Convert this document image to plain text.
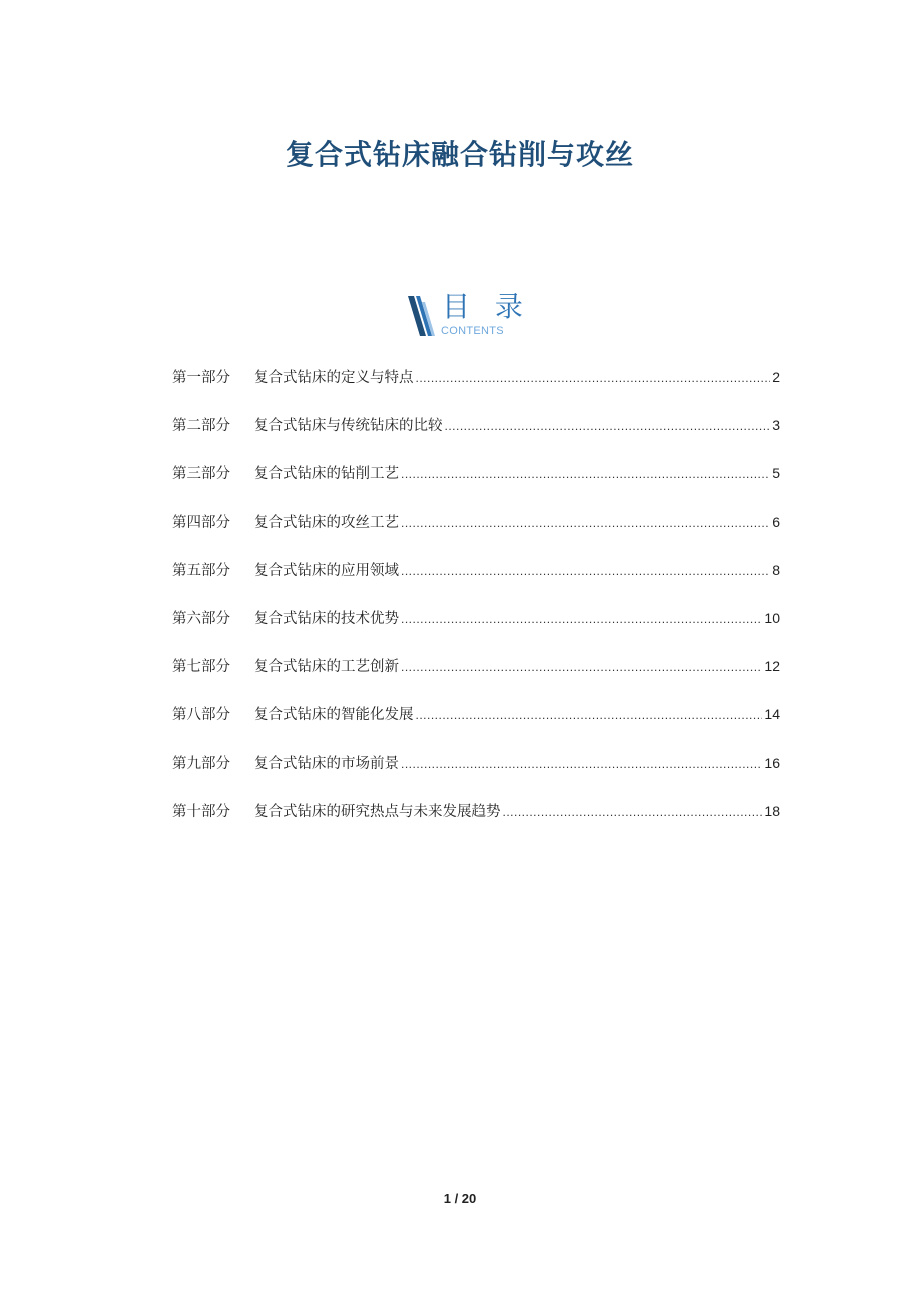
复合式钻床融合钻削与攻丝
目 录
CONTENTS
第一部分	复合式钻床的定义与特点 .....	2
第二部分	复合式钻床与传统钻床的比较 .....	3
第三部分	复合式钻床的钻削工艺 .....	5
第四部分	复合式钻床的攻丝工艺 .....	6
第五部分	复合式钻床的应用领域 .....	8
第六部分	复合式钻床的技术优势 .....	10
第七部分	复合式钻床的工艺创新 .....	12
第八部分	复合式钻床的智能化发展 .....	14
第九部分	复合式钻床的市场前景 .....	16
第十部分	复合式钻床的研究热点与未来发展趋势 .....	18
1 / 20
